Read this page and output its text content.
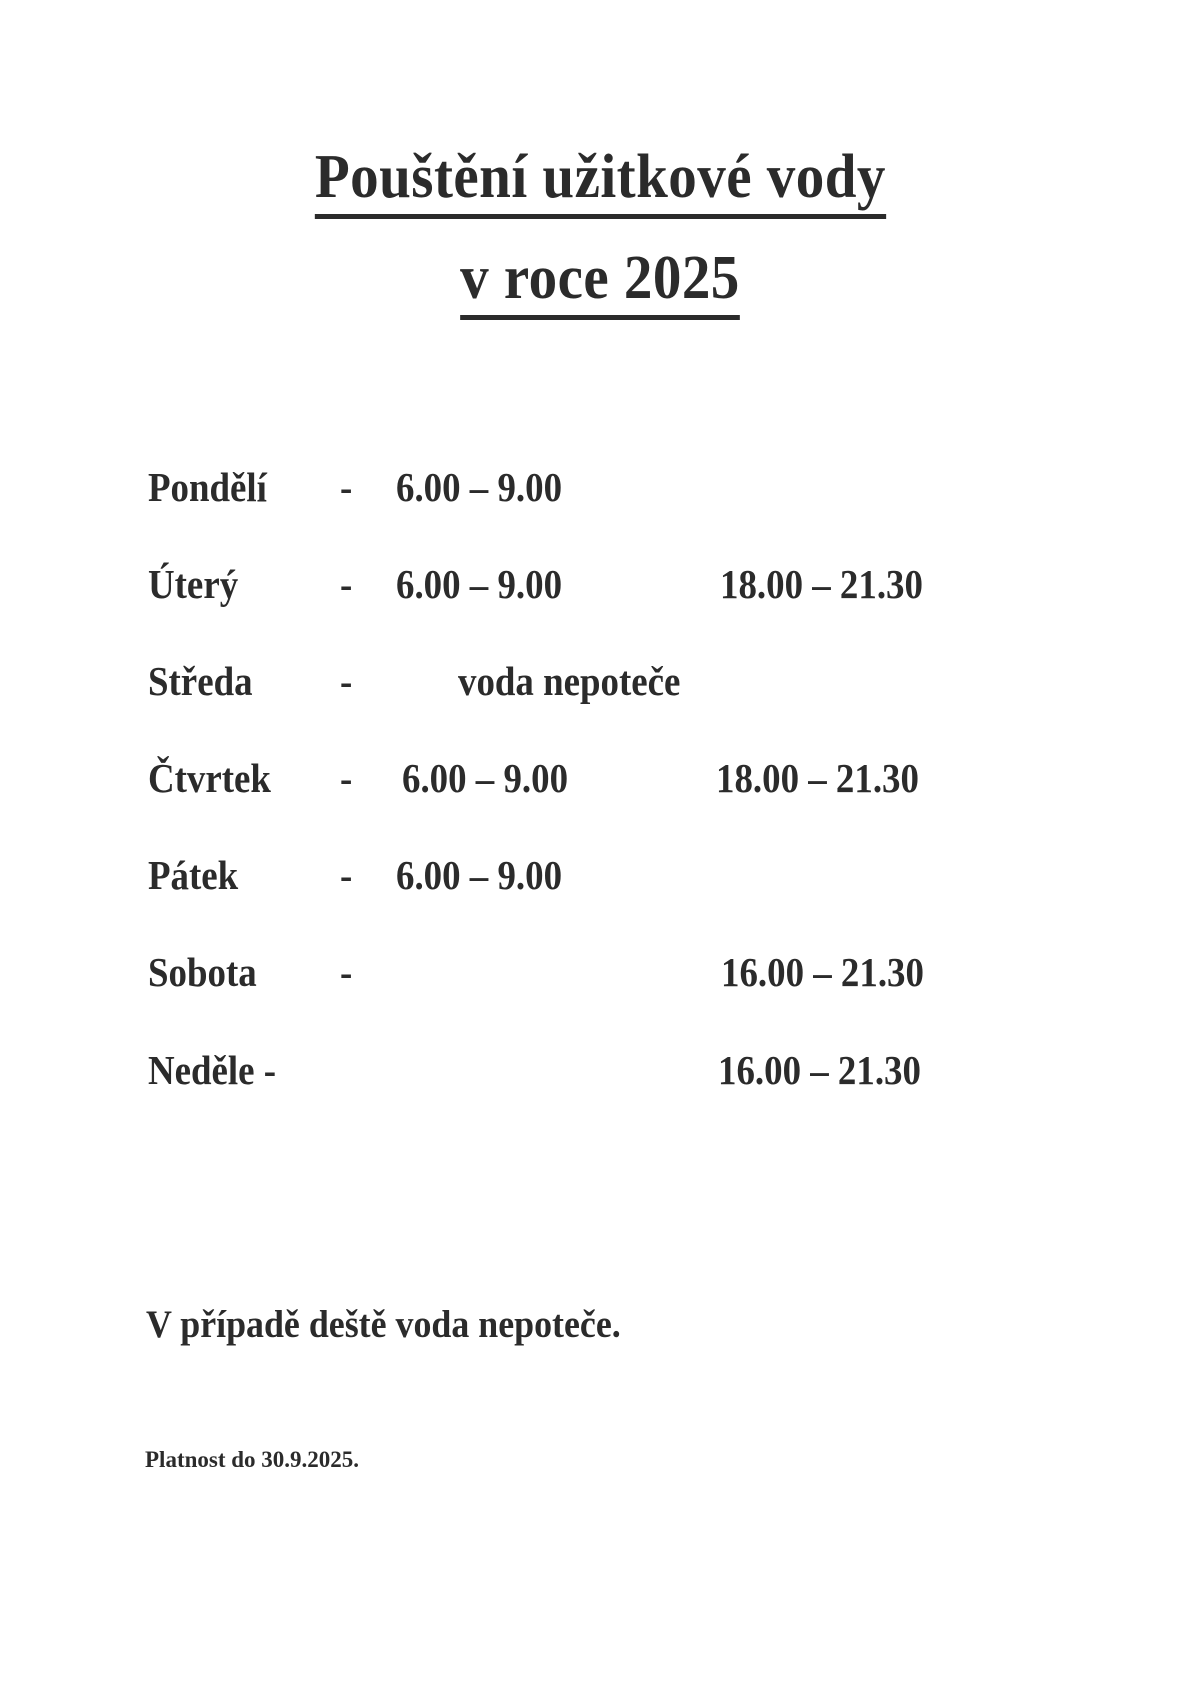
Pouštění užitkové vody
v roce 2025
Pondělí - 6.00 – 9.00
Úterý - 6.00 – 9.00	18.00 – 21.30
Středa -	voda nepoteče
Čtvrtek - 6.00 – 9.00	18.00 – 21.30
Pátek - 6.00 – 9.00
Sobota -	16.00 – 21.30
Neděle -	16.00 – 21.30
V případě deště voda nepoteče.
Platnost do 30.9.2025.
